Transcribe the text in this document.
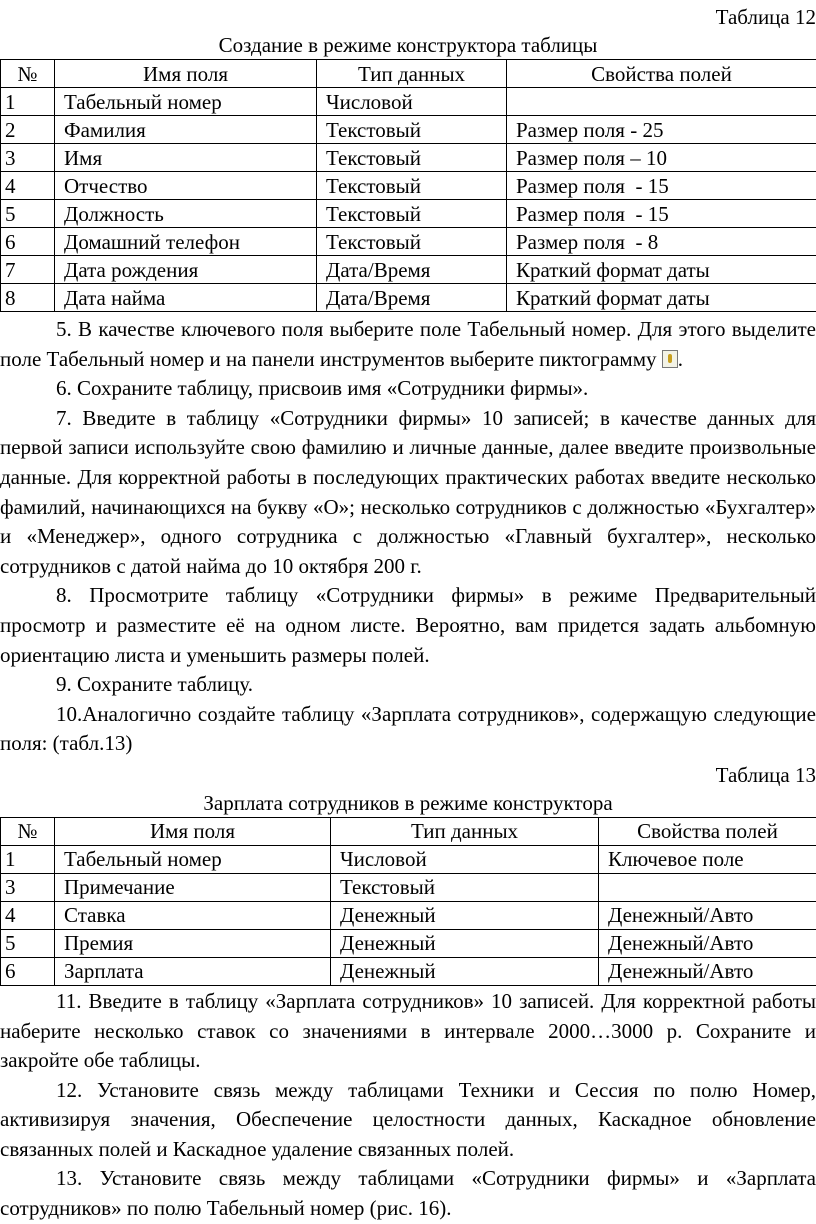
Таблица 12
Создание в режиме конструктора таблицы
№	Имя поля	Тип данных	Свойства полей
1	Табельный номер	Числовой	
2	Фамилия	Текстовый	Размер поля - 25
3	Имя	Текстовый	Размер поля – 10
4	Отчество	Текстовый	Размер поля  - 15
5	Должность	Текстовый	Размер поля  - 15
6	Домашний телефон	Текстовый	Размер поля  - 8
7	Дата рождения	Дата/Время	Краткий формат даты
8	Дата найма	Дата/Время	Краткий формат даты

5. В качестве ключевого поля выберите поле Табельный номер. Для этого выделите поле Табельный номер и на панели инструментов выберите пиктограмму .

6. Сохраните таблицу, присвоив имя «Сотрудники фирмы».

7. Введите в таблицу «Сотрудники фирмы» 10 записей; в качестве данных для первой записи используйте свою фамилию и личные данные, далее введите произвольные данные. Для корректной работы в последующих практических работах введите несколько фамилий, начинающихся на букву «О»; несколько сотрудников с должностью «Бухгалтер» и «Менеджер», одного сотрудника с должностью «Главный бухгалтер», несколько сотрудников с датой найма до 10 октября 200 г.

8. Просмотрите таблицу «Сотрудники фирмы» в режиме Предварительный просмотр и разместите её на одном листе. Вероятно, вам придется задать альбомную ориентацию листа и уменьшить размеры полей.

9. Сохраните таблицу.

10.Аналогично создайте таблицу «Зарплата сотрудников», содержащую следующие поля: (табл.13)

Таблица 13
Зарплата сотрудников в режиме конструктора
№	Имя поля	Тип данных	Свойства полей
1	Табельный номер	Числовой	Ключевое поле
3	Примечание	Текстовый	
4	Ставка	Денежный	Денежный/Авто
5	Премия	Денежный	Денежный/Авто
6	Зарплата	Денежный	Денежный/Авто

11. Введите в таблицу «Зарплата сотрудников» 10 записей. Для корректной работы наберите несколько ставок со значениями в интервале 2000…3000 р. Сохраните и закройте обе таблицы.

12. Установите связь между таблицами Техники и Сессия по полю Номер, активизируя значения, Обеспечение целостности данных, Каскадное обновление связанных полей и Каскадное удаление связанных полей.

13. Установите связь между таблицами «Сотрудники фирмы» и «Зарплата сотрудников» по полю Табельный номер (рис. 16).
